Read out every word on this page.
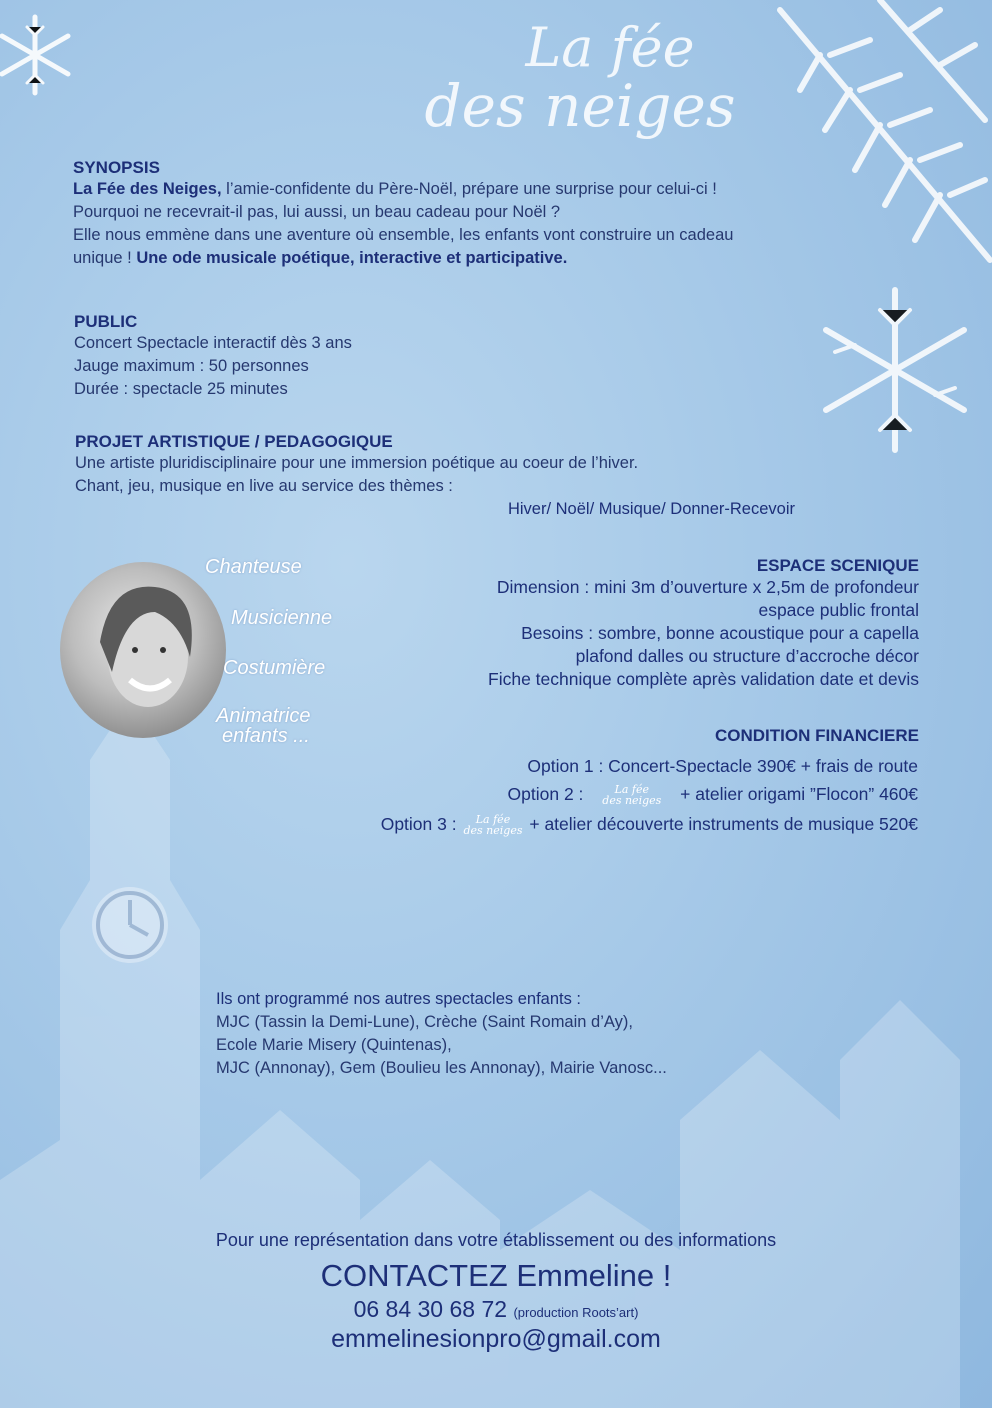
La fée
des neiges
SYNOPSIS
La Fée des Neiges, l’amie-confidente du Père-Noël, prépare une surprise pour celui-ci !
Pourquoi ne recevrait-il pas, lui aussi, un beau cadeau pour Noël ?
Elle nous emmène dans une aventure où ensemble, les enfants vont construire un cadeau
unique ! Une ode musicale poétique, interactive et participative.
PUBLIC
Concert Spectacle interactif dès 3 ans
Jauge maximum : 50 personnes
Durée : spectacle 25 minutes
PROJET ARTISTIQUE / PEDAGOGIQUE
Une artiste pluridisciplinaire pour une immersion poétique au coeur de l’hiver.
Chant, jeu, musique en live au service des thèmes :
Hiver/ Noël/ Musique/ Donner-Recevoir
Chanteuse
Musicienne
Costumière
Animatrice
enfants ...
ESPACE SCENIQUE
Dimension : mini 3m d’ouverture x 2,5m de profondeur
espace public frontal
Besoins : sombre, bonne acoustique pour a capella
plafond dalles ou structure d’accroche décor
Fiche technique complète après validation date et devis
CONDITION FINANCIERE
Option 1 : Concert-Spectacle 390€ + frais de route
Option 2 :	La fée
des neiges + atelier origami ”Flocon” 460€
Option 3 : La fée
des neiges + atelier découverte instruments de musique 520€
Ils ont programmé nos autres spectacles enfants :
MJC (Tassin la Demi-Lune), Crèche (Saint Romain d’Ay),
Ecole Marie Misery (Quintenas),
MJC (Annonay), Gem (Boulieu les Annonay), Mairie Vanosc...
Pour une représentation dans votre établissement ou des informations
CONTACTEZ Emmeline !
06 84 30 68 72 (production Roots’art)
emmelinesionpro@gmail.com
